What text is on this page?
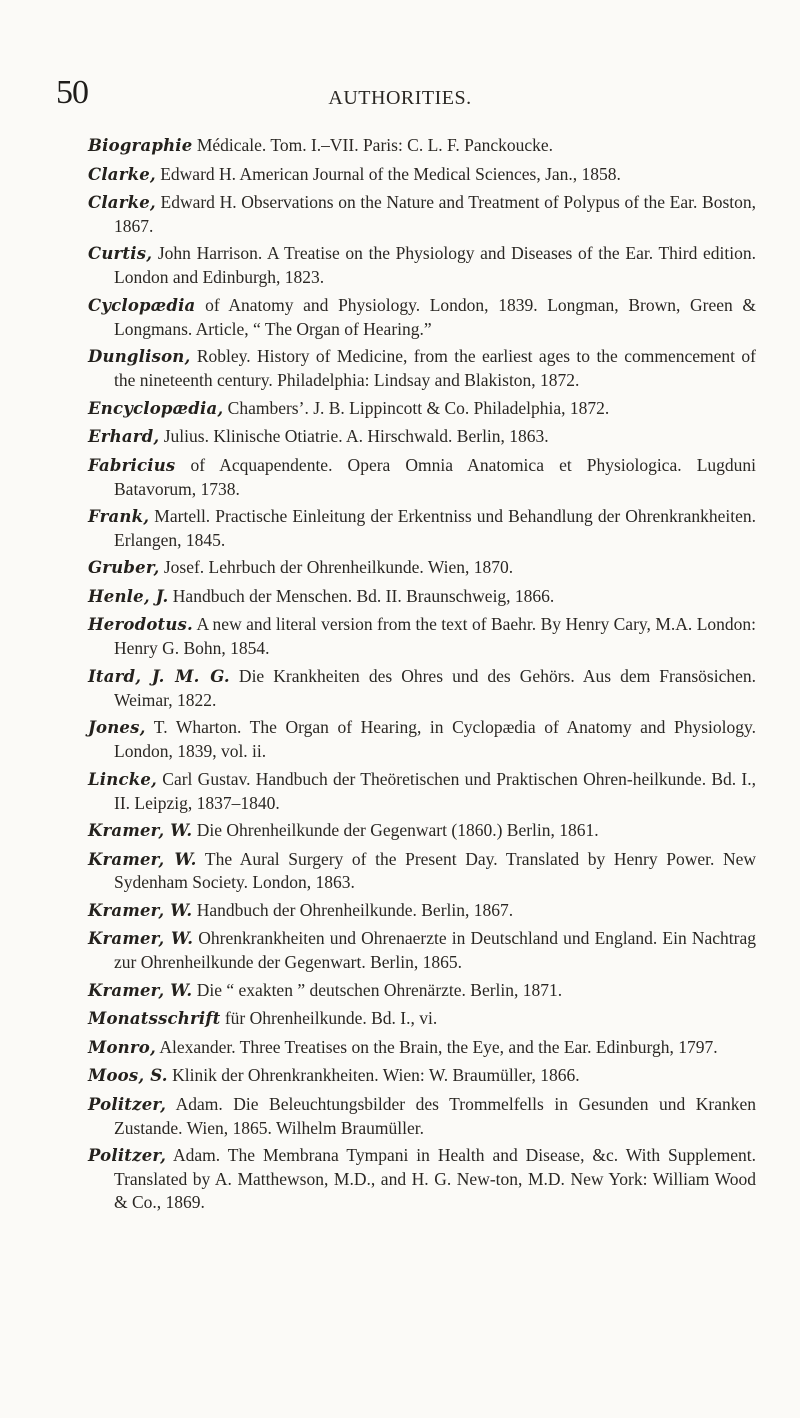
50	AUTHORITIES.

Biographie Médicale. Tom. I.–VII. Paris: C. L. F. Panckoucke.

Clarke, Edward H. American Journal of the Medical Sciences, Jan., 1858.

Clarke, Edward H. Observations on the Nature and Treatment of Polypus of the Ear. Boston, 1867.

Curtis, John Harrison. A Treatise on the Physiology and Diseases of the Ear. Third edition. London and Edinburgh, 1823.

Cyclopædia of Anatomy and Physiology. London, 1839. Longman, Brown, Green & Longmans. Article, “ The Organ of Hearing.”

Dunglison, Robley. History of Medicine, from the earliest ages to the commencement of the nineteenth century. Philadelphia: Lindsay and Blakiston, 1872.

Encyclopædia, Chambers’. J. B. Lippincott & Co. Philadelphia, 1872.

Erhard, Julius. Klinische Otiatrie. A. Hirschwald. Berlin, 1863.

Fabricius of Acquapendente. Opera Omnia Anatomica et Physiologica. Lugduni Batavorum, 1738.

Frank, Martell. Practische Einleitung der Erkentniss und Behandlung der Ohrenkrankheiten. Erlangen, 1845.

Gruber, Josef. Lehrbuch der Ohrenheilkunde. Wien, 1870.

Henle, J. Handbuch der Menschen. Bd. II. Braunschweig, 1866.

Herodotus. A new and literal version from the text of Baehr. By Henry Cary, M.A. London: Henry G. Bohn, 1854.

Itard, J. M. G. Die Krankheiten des Ohres und des Gehörs. Aus dem Fransösichen. Weimar, 1822.

Jones, T. Wharton. The Organ of Hearing, in Cyclopædia of Anatomy and Physiology. London, 1839, vol. ii.

Lincke, Carl Gustav. Handbuch der Theöretischen und Praktischen Ohren-heilkunde. Bd. I., II. Leipzig, 1837–1840.

Kramer, W. Die Ohrenheilkunde der Gegenwart (1860.) Berlin, 1861.

Kramer, W. The Aural Surgery of the Present Day. Translated by Henry Power. New Sydenham Society. London, 1863.

Kramer, W. Handbuch der Ohrenheilkunde. Berlin, 1867.

Kramer, W. Ohrenkrankheiten und Ohrenaerzte in Deutschland und England. Ein Nachtrag zur Ohrenheilkunde der Gegenwart. Berlin, 1865.

Kramer, W. Die “ exakten ” deutschen Ohrenärzte. Berlin, 1871.

Monatsschrift für Ohrenheilkunde. Bd. I., vi.

Monro, Alexander. Three Treatises on the Brain, the Eye, and the Ear. Edinburgh, 1797.

Moos, S. Klinik der Ohrenkrankheiten. Wien: W. Braumüller, 1866.

Politzer, Adam. Die Beleuchtungsbilder des Trommelfells in Gesunden und Kranken Zustande. Wien, 1865. Wilhelm Braumüller.

Politzer, Adam. The Membrana Tympani in Health and Disease, &c. With Supplement. Translated by A. Matthewson, M.D., and H. G. New-ton, M.D. New York: William Wood & Co., 1869.
